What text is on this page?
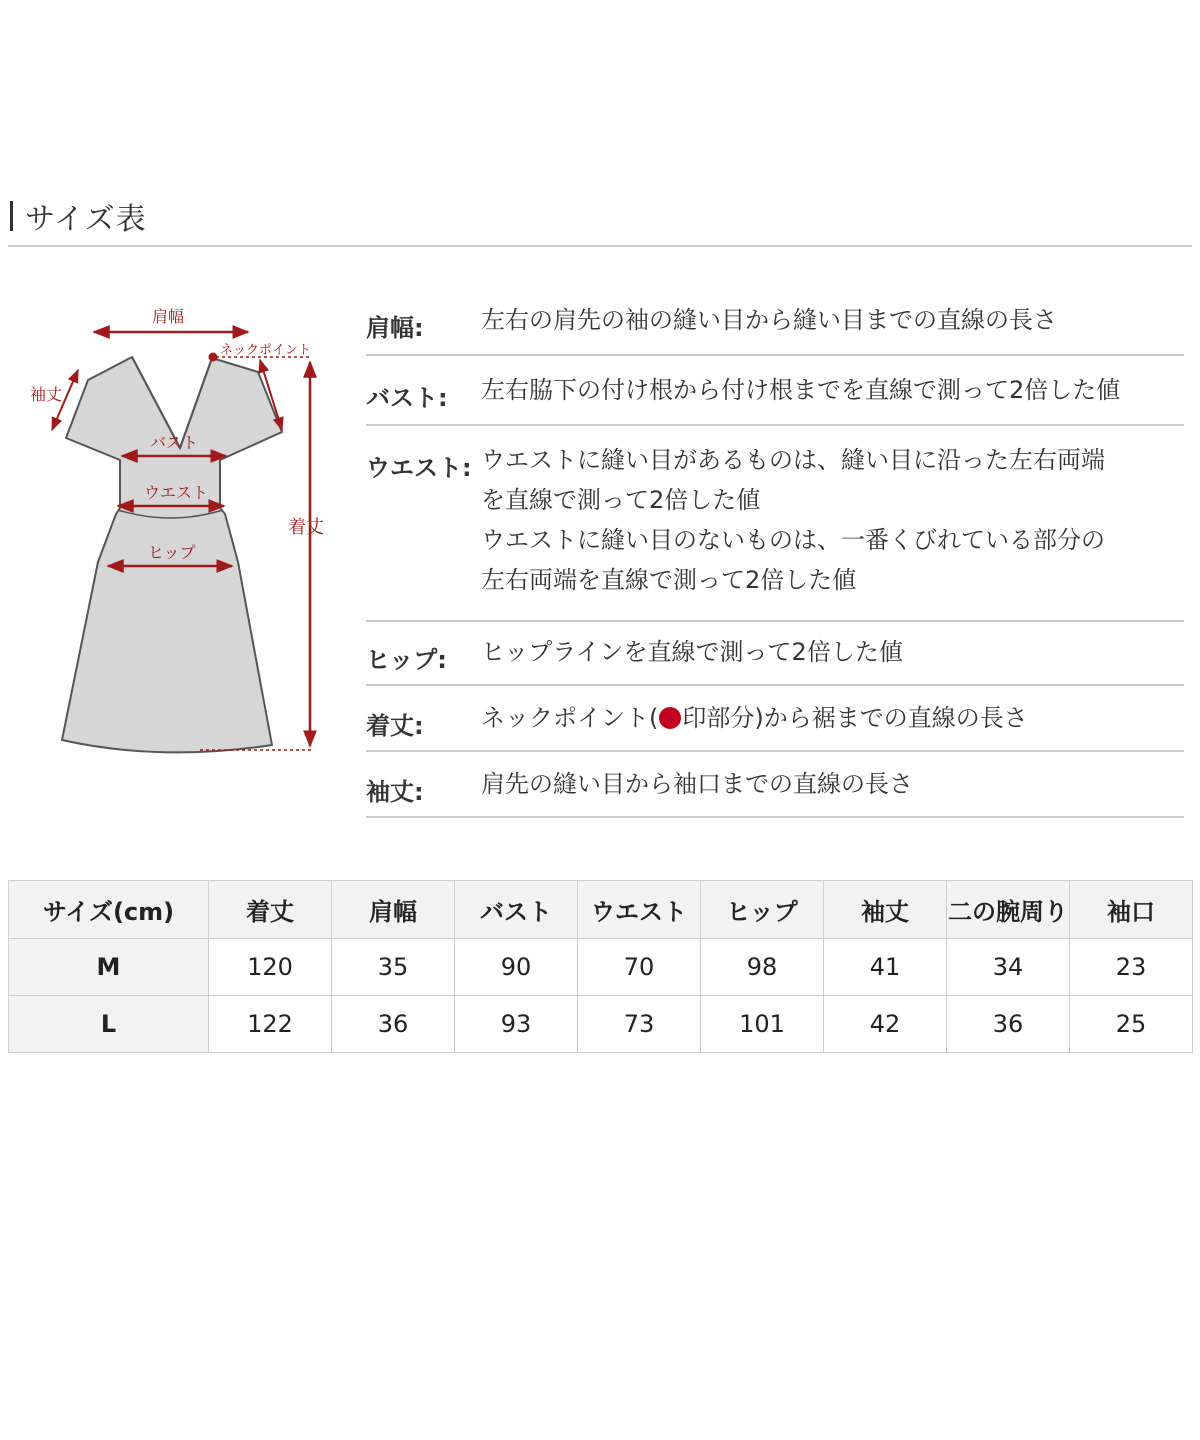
サイズ表
肩幅
ネックポイント
袖丈
バスト
ウエスト
ヒップ
着丈
肩幅: 左右の肩先の袖の縫い目から縫い目までの直線の長さ
バスト: 左右脇下の付け根から付け根までを直線で測って2倍した値
ウエスト: ウエストに縫い目があるものは、縫い目に沿った左右両端
を直線で測って2倍した値
ウエストに縫い目のないものは、一番くびれている部分の
左右両端を直線で測って2倍した値
ヒップ: ヒップラインを直線で測って2倍した値
着丈: ネックポイント( 印部分)から裾までの直線の長さ
袖丈: 肩先の縫い目から袖口までの直線の長さ
サイズ(cm)	着丈	肩幅	バスト	ウエスト	ヒップ	袖丈	二の腕周り	袖口
M	120	35	90	70	98	41	34	23
L	122	36	93	73	101	42	36	25
